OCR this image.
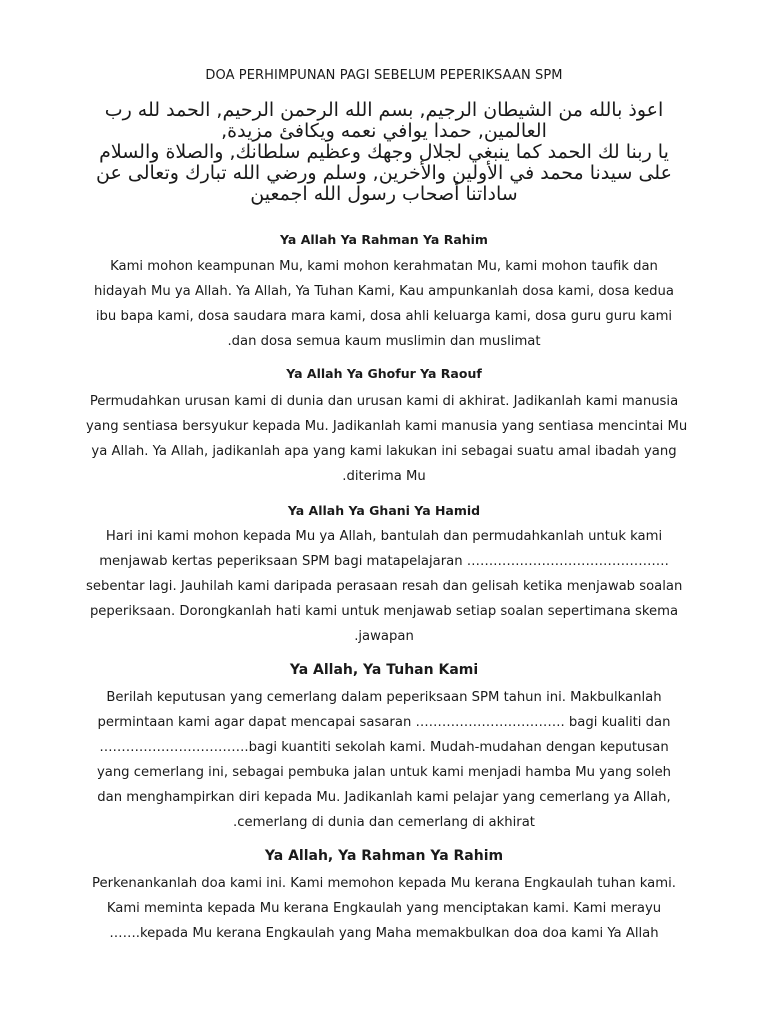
DOA PERHIMPUNAN PAGI SEBELUM PEPERIKSAAN SPM

اعوذ بالله من الشيطان الرجيم, بسم الله الرحمن الرحيم, الحمد لله رب

العالمين, حمدا يوافي نعمه ويكافئ مزيدة,

يا ربنا لك الحمد كما ينبغي لجلال وجهك وعظيم سلطانك, والصلاة والسلام

على سيدنا محمد في الأولين والأخرين, وسلم ورضي الله تبارك وتعالى عن

ساداتنا أصحاب رسول الله اجمعين

Ya Allah Ya Rahman Ya Rahim
Kami mohon keampunan Mu, kami mohon kerahmatan Mu, kami mohon taufik dan
hidayah Mu ya Allah. Ya Allah, Ya Tuhan Kami, Kau ampunkanlah dosa kami, dosa kedua
ibu bapa kami, dosa saudara mara kami, dosa ahli keluarga kami, dosa guru guru kami
.dan dosa semua kaum muslimin dan muslimat
Ya Allah Ya Ghofur Ya Raouf
Permudahkan urusan kami di dunia dan urusan kami di akhirat. Jadikanlah kami manusia
yang sentiasa bersyukur kepada Mu. Jadikanlah kami manusia yang sentiasa mencintai Mu
ya Allah. Ya Allah, jadikanlah apa yang kami lakukan ini sebagai suatu amal ibadah yang
.diterima Mu
Ya Allah Ya Ghani Ya Hamid
Hari ini kami mohon kepada Mu ya Allah, bantulah dan permudahkanlah untuk kami
menjawab kertas peperiksaan SPM bagi matapelajaran ……………………………………….
sebentar lagi. Jauhilah kami daripada perasaan resah dan gelisah ketika menjawab soalan
peperiksaan. Dorongkanlah hati kami untuk menjawab setiap soalan sepertimana skema
.jawapan
Ya Allah, Ya Tuhan Kami
Berilah keputusan yang cemerlang dalam peperiksaan SPM tahun ini. Makbulkanlah
permintaan kami agar dapat mencapai sasaran ……………………………. bagi kualiti dan
…………………………….bagi kuantiti sekolah kami. Mudah-mudahan dengan keputusan
yang cemerlang ini, sebagai pembuka jalan untuk kami menjadi hamba Mu yang soleh
dan menghampirkan diri kepada Mu. Jadikanlah kami pelajar yang cemerlang ya Allah,
.cemerlang di dunia dan cemerlang di akhirat
Ya Allah, Ya Rahman Ya Rahim
Perkenankanlah doa kami ini. Kami memohon kepada Mu kerana Engkaulah tuhan kami.
Kami meminta kepada Mu kerana Engkaulah yang menciptakan kami. Kami merayu
…….kepada Mu kerana Engkaulah yang Maha memakbulkan doa doa kami Ya Allah
